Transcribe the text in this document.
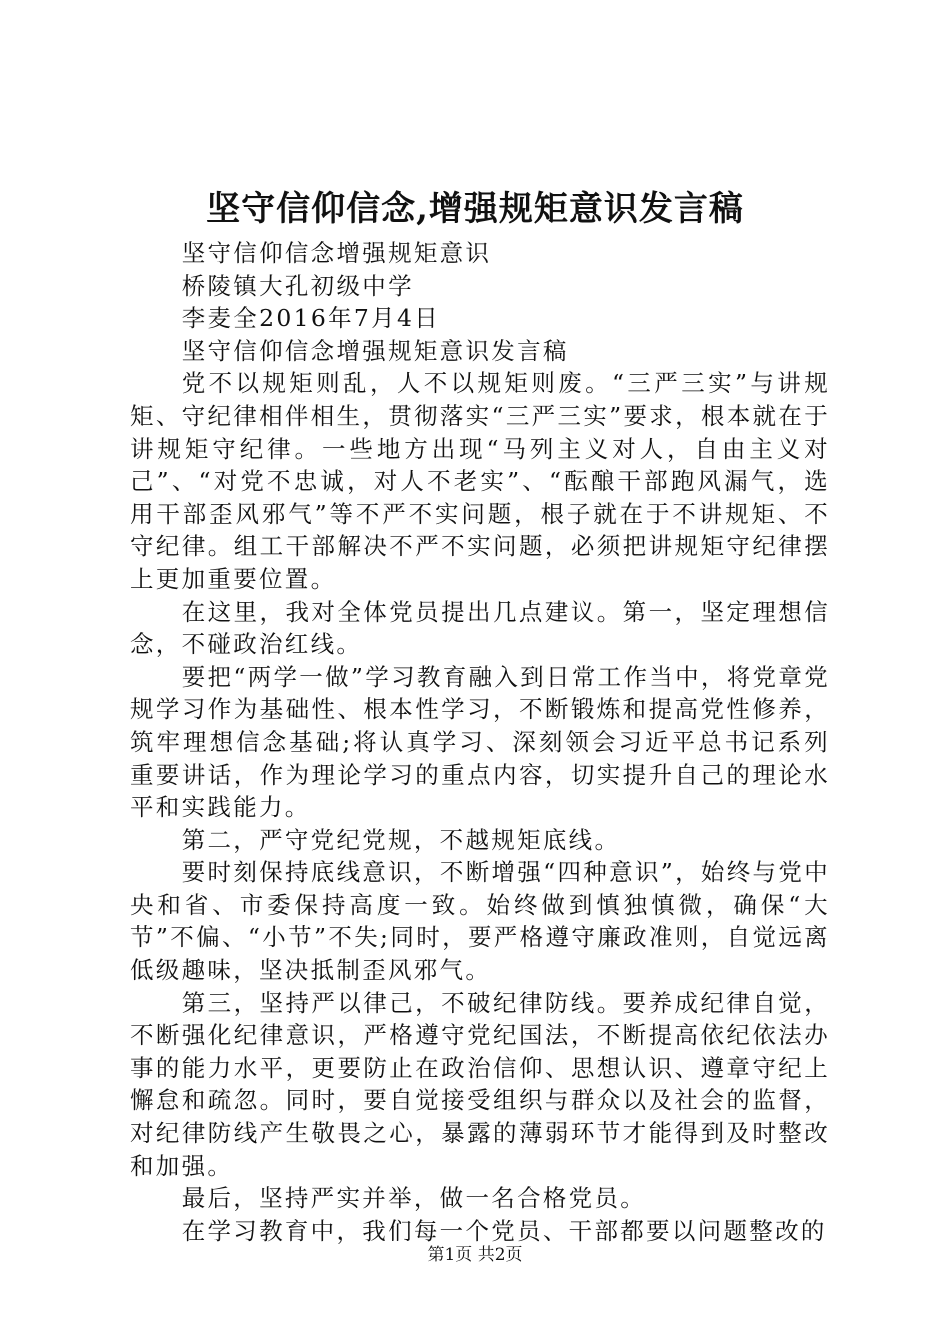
坚守信仰信念,增强规矩意识发言稿

坚守信仰信念增强规矩意识

桥陵镇大孔初级中学

李麦全2016年7月4日

坚守信仰信念增强规矩意识发言稿

党不以规矩则乱，人不以规矩则废。“三严三实”与讲规矩、守纪律相伴相生，贯彻落实“三严三实”要求，根本就在于讲规矩守纪律。一些地方出现“马列主义对人，自由主义对己”、“对党不忠诚，对人不老实”、“酝酿干部跑风漏气，选用干部歪风邪气”等不严不实问题，根子就在于不讲规矩、不守纪律。组工干部解决不严不实问题，必须把讲规矩守纪律摆上更加重要位置。

在这里，我对全体党员提出几点建议。第一，坚定理想信念，不碰政治红线。

要把“两学一做”学习教育融入到日常工作当中，将党章党规学习作为基础性、根本性学习，不断锻炼和提高党性修养，筑牢理想信念基础;将认真学习、深刻领会习近平总书记系列重要讲话，作为理论学习的重点内容，切实提升自己的理论水平和实践能力。

第二，严守党纪党规，不越规矩底线。

要时刻保持底线意识，不断增强“四种意识”，始终与党中央和省、市委保持高度一致。始终做到慎独慎微，确保“大节”不偏、“小节”不失;同时，要严格遵守廉政准则，自觉远离低级趣味，坚决抵制歪风邪气。

第三，坚持严以律己，不破纪律防线。要养成纪律自觉，不断强化纪律意识，严格遵守党纪国法，不断提高依纪依法办事的能力水平，更要防止在政治信仰、思想认识、遵章守纪上懈怠和疏忽。同时，要自觉接受组织与群众以及社会的监督，对纪律防线产生敬畏之心，暴露的薄弱环节才能得到及时整改和加强。

最后，坚持严实并举，做一名合格党员。

在学习教育中，我们每一个党员、干部都要以问题整改的

第1页 共2页
